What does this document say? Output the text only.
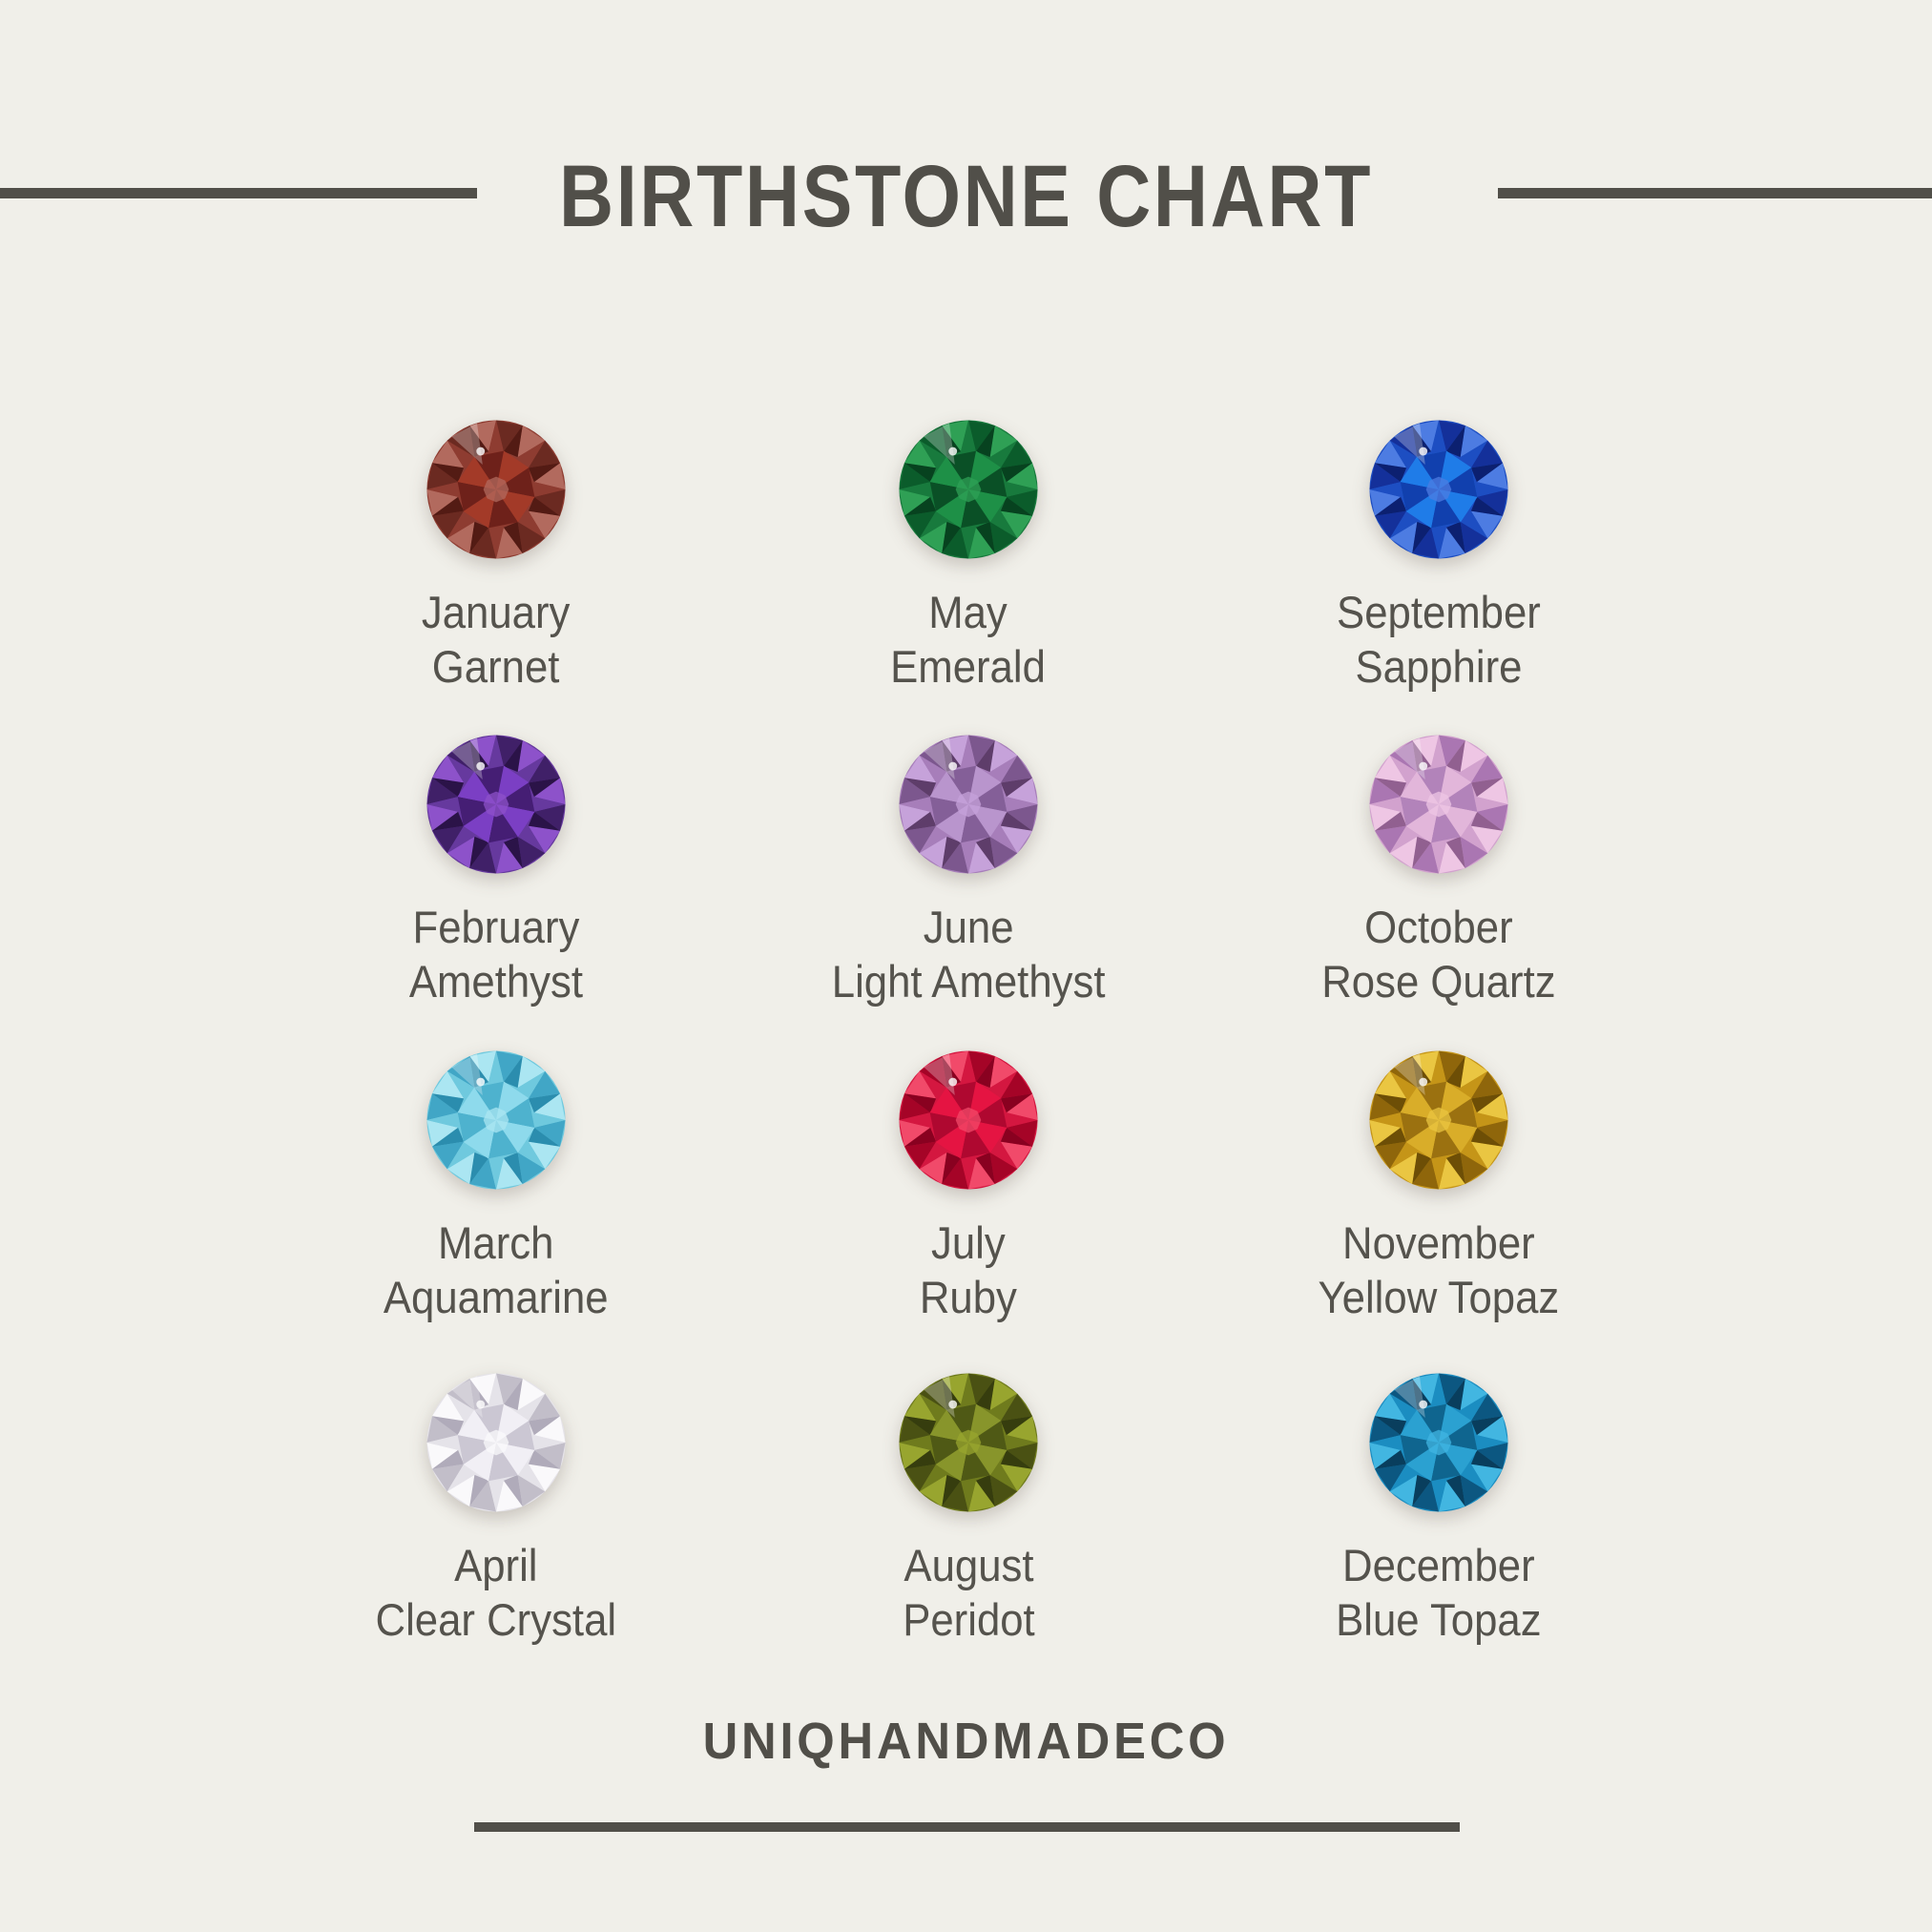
BIRTHSTONE CHART
January
Garnet
February
Amethyst
March
Aquamarine
April
Clear Crystal
May
Emerald
June
Light Amethyst
July
Ruby
August
Peridot
September
Sapphire
October
Rose Quartz
November
Yellow Topaz
December
Blue Topaz
UNIQHANDMADECO
